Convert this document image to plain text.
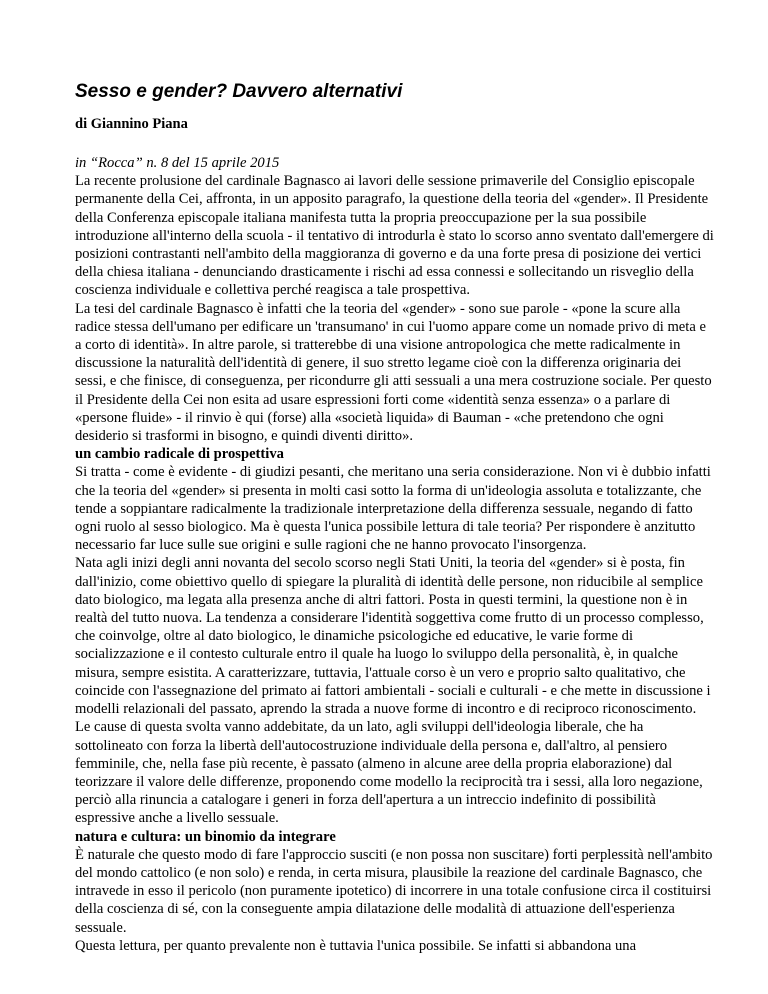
Sesso e gender? Davvero alternativi
di Giannino Piana
in “Rocca” n. 8 del 15 aprile 2015
La recente prolusione del cardinale Bagnasco ai lavori delle sessione primaverile del Consiglio episcopale permanente della Cei, affronta, in un apposito paragrafo, la questione della teoria del «gender». Il Presidente della Conferenza episcopale italiana manifesta tutta la propria preoccupazione per la sua possibile introduzione all'interno della scuola - il tentativo di introdurla è stato lo scorso anno sventato dall'emergere di posizioni contrastanti nell'ambito della maggioranza di governo e da una forte presa di posizione dei vertici della chiesa italiana - denunciando drasticamente i rischi ad essa connessi e sollecitando un risveglio della coscienza individuale e collettiva perché reagisca a tale prospettiva.
La tesi del cardinale Bagnasco è infatti che la teoria del «gender» - sono sue parole - «pone la scure alla radice stessa dell'umano per edificare un 'transumano' in cui l'uomo appare come un nomade privo di meta e a corto di identità». In altre parole, si tratterebbe di una visione antropologica che mette radicalmente in discussione la naturalità dell'identità di genere, il suo stretto legame cioè con la differenza originaria dei sessi, e che finisce, di conseguenza, per ricondurre gli atti sessuali a una mera costruzione sociale. Per questo il Presidente della Cei non esita ad usare espressioni forti come «identità senza essenza» o a parlare di «persone fluide» - il rinvio è qui (forse) alla «società liquida» di Bauman - «che pretendono che ogni desiderio si trasformi in bisogno, e quindi diventi diritto».
un cambio radicale di prospettiva
Si tratta - come è evidente - di giudizi pesanti, che meritano una seria considerazione. Non vi è dubbio infatti che la teoria del «gender» si presenta in molti casi sotto la forma di un'ideologia assoluta e totalizzante, che tende a soppiantare radicalmente la tradizionale interpretazione della differenza sessuale, negando di fatto ogni ruolo al sesso biologico. Ma è questa l'unica possibile lettura di tale teoria? Per rispondere è anzitutto necessario far luce sulle sue origini e sulle ragioni che ne hanno provocato l'insorgenza.
Nata agli inizi degli anni novanta del secolo scorso negli Stati Uniti, la teoria del «gender» si è posta, fin dall'inizio, come obiettivo quello di spiegare la pluralità di identità delle persone, non riducibile al semplice dato biologico, ma legata alla presenza anche di altri fattori. Posta in questi termini, la questione non è in realtà del tutto nuova. La tendenza a considerare l'identità soggettiva come frutto di un processo complesso, che coinvolge, oltre al dato biologico, le dinamiche psicologiche ed educative, le varie forme di socializzazione e il contesto culturale entro il quale ha luogo lo sviluppo della personalità, è, in qualche misura, sempre esistita. A caratterizzare, tuttavia, l'attuale corso è un vero e proprio salto qualitativo, che coincide con l'assegnazione del primato ai fattori ambientali - sociali e culturali - e che mette in discussione i modelli relazionali del passato, aprendo la strada a nuove forme di incontro e di reciproco riconoscimento.
Le cause di questa svolta vanno addebitate, da un lato, agli sviluppi dell'ideologia liberale, che ha sottolineato con forza la libertà dell'autocostruzione individuale della persona e, dall'altro, al pensiero femminile, che, nella fase più recente, è passato (almeno in alcune aree della propria elaborazione) dal teorizzare il valore delle differenze, proponendo come modello la reciprocità tra i sessi, alla loro negazione, perciò alla rinuncia a catalogare i generi in forza dell'apertura a un intreccio indefinito di possibilità espressive anche a livello sessuale.
natura e cultura: un binomio da integrare
È naturale che questo modo di fare l'approccio susciti (e non possa non suscitare) forti perplessità nell'ambito del mondo cattolico (e non solo) e renda, in certa misura, plausibile la reazione del cardinale Bagnasco, che intravede in esso il pericolo (non puramente ipotetico) di incorrere in una totale confusione circa il costituirsi della coscienza di sé, con la conseguente ampia dilatazione delle modalità di attuazione dell'esperienza sessuale.
Questa lettura, per quanto prevalente non è tuttavia l'unica possibile. Se infatti si abbandona una
